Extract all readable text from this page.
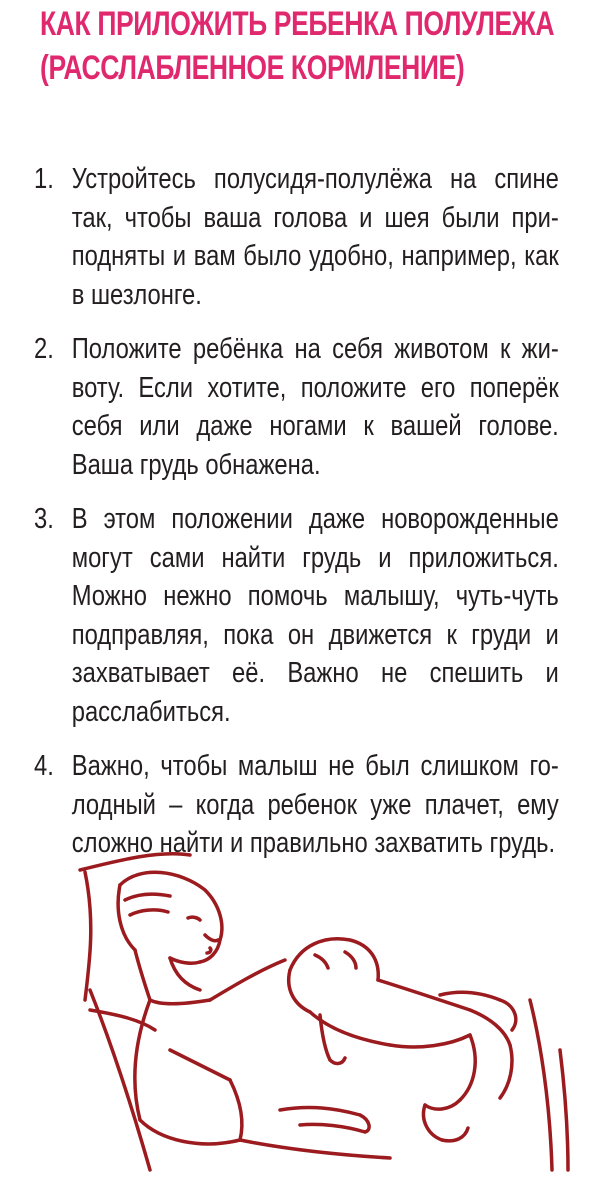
КАК ПРИЛОЖИТЬ РЕБЕНКА ПОЛУЛЕЖА (РАССЛАБЛЕННОЕ КОРМЛЕНИЕ)
1. Устройтесь полусидя-полулёжа на спине так, чтобы ваша голова и шея были приподняты и вам было удобно, например, как в шезлонге.
2. Положите ребёнка на себя животом к животу. Если хотите, положите его поперёк себя или даже ногами к вашей голове. Ваша грудь обнажена.
3. В этом положении даже новорожденные могут сами найти грудь и приложиться. Можно нежно помочь малышу, чуть-чуть подправляя, пока он движется к груди и захватывает её. Важно не спешить и расслабиться.
4. Важно, чтобы малыш не был слишком голодный – когда ребенок уже плачет, ему сложно найти и правильно захватить грудь.
